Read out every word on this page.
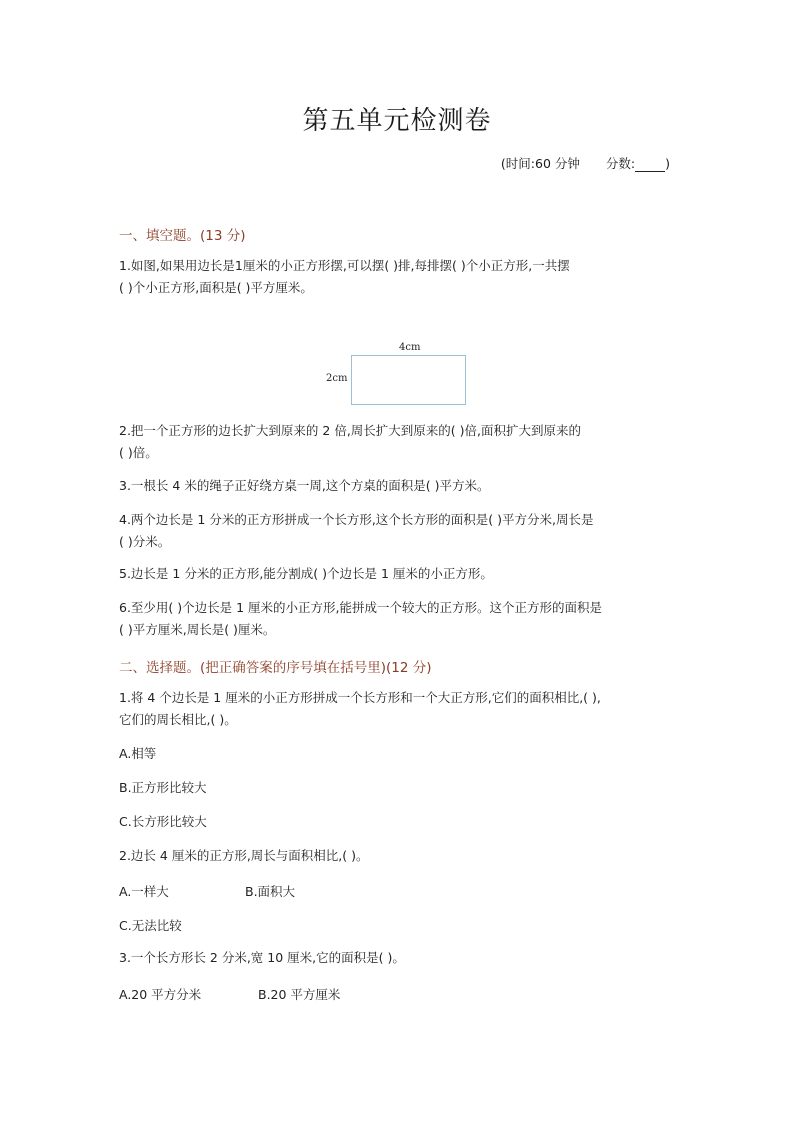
第五单元检测卷
(时间:60 分钟 分数: )
一、填空题。(13 分)
1.如图,如果用边长是1厘米的小正方形摆,可以摆( )排,每排摆( )个小正方形,一共摆
( )个小正方形,面积是( )平方厘米。
4cm
2cm
2.把一个正方形的边长扩大到原来的 2 倍,周长扩大到原来的( )倍,面积扩大到原来的
( )倍。
3.一根长 4 米的绳子正好绕方桌一周,这个方桌的面积是( )平方米。
4.两个边长是 1 分米的正方形拼成一个长方形,这个长方形的面积是( )平方分米,周长是
( )分米。
5.边长是 1 分米的正方形,能分割成( )个边长是 1 厘米的小正方形。
6.至少用( )个边长是 1 厘米的小正方形,能拼成一个较大的正方形。这个正方形的面积是
( )平方厘米,周长是( )厘米。
二、选择题。(把正确答案的序号填在括号里)(12 分)
1.将 4 个边长是 1 厘米的小正方形拼成一个长方形和一个大正方形,它们的面积相比,( ),
它们的周长相比,( )。
A.相等
B.正方形比较大
C.长方形比较大
2.边长 4 厘米的正方形,周长与面积相比,( )。
A.一样大	B.面积大
C.无法比较
3.一个长方形长 2 分米,宽 10 厘米,它的面积是( )。
A.20 平方分米	B.20 平方厘米
